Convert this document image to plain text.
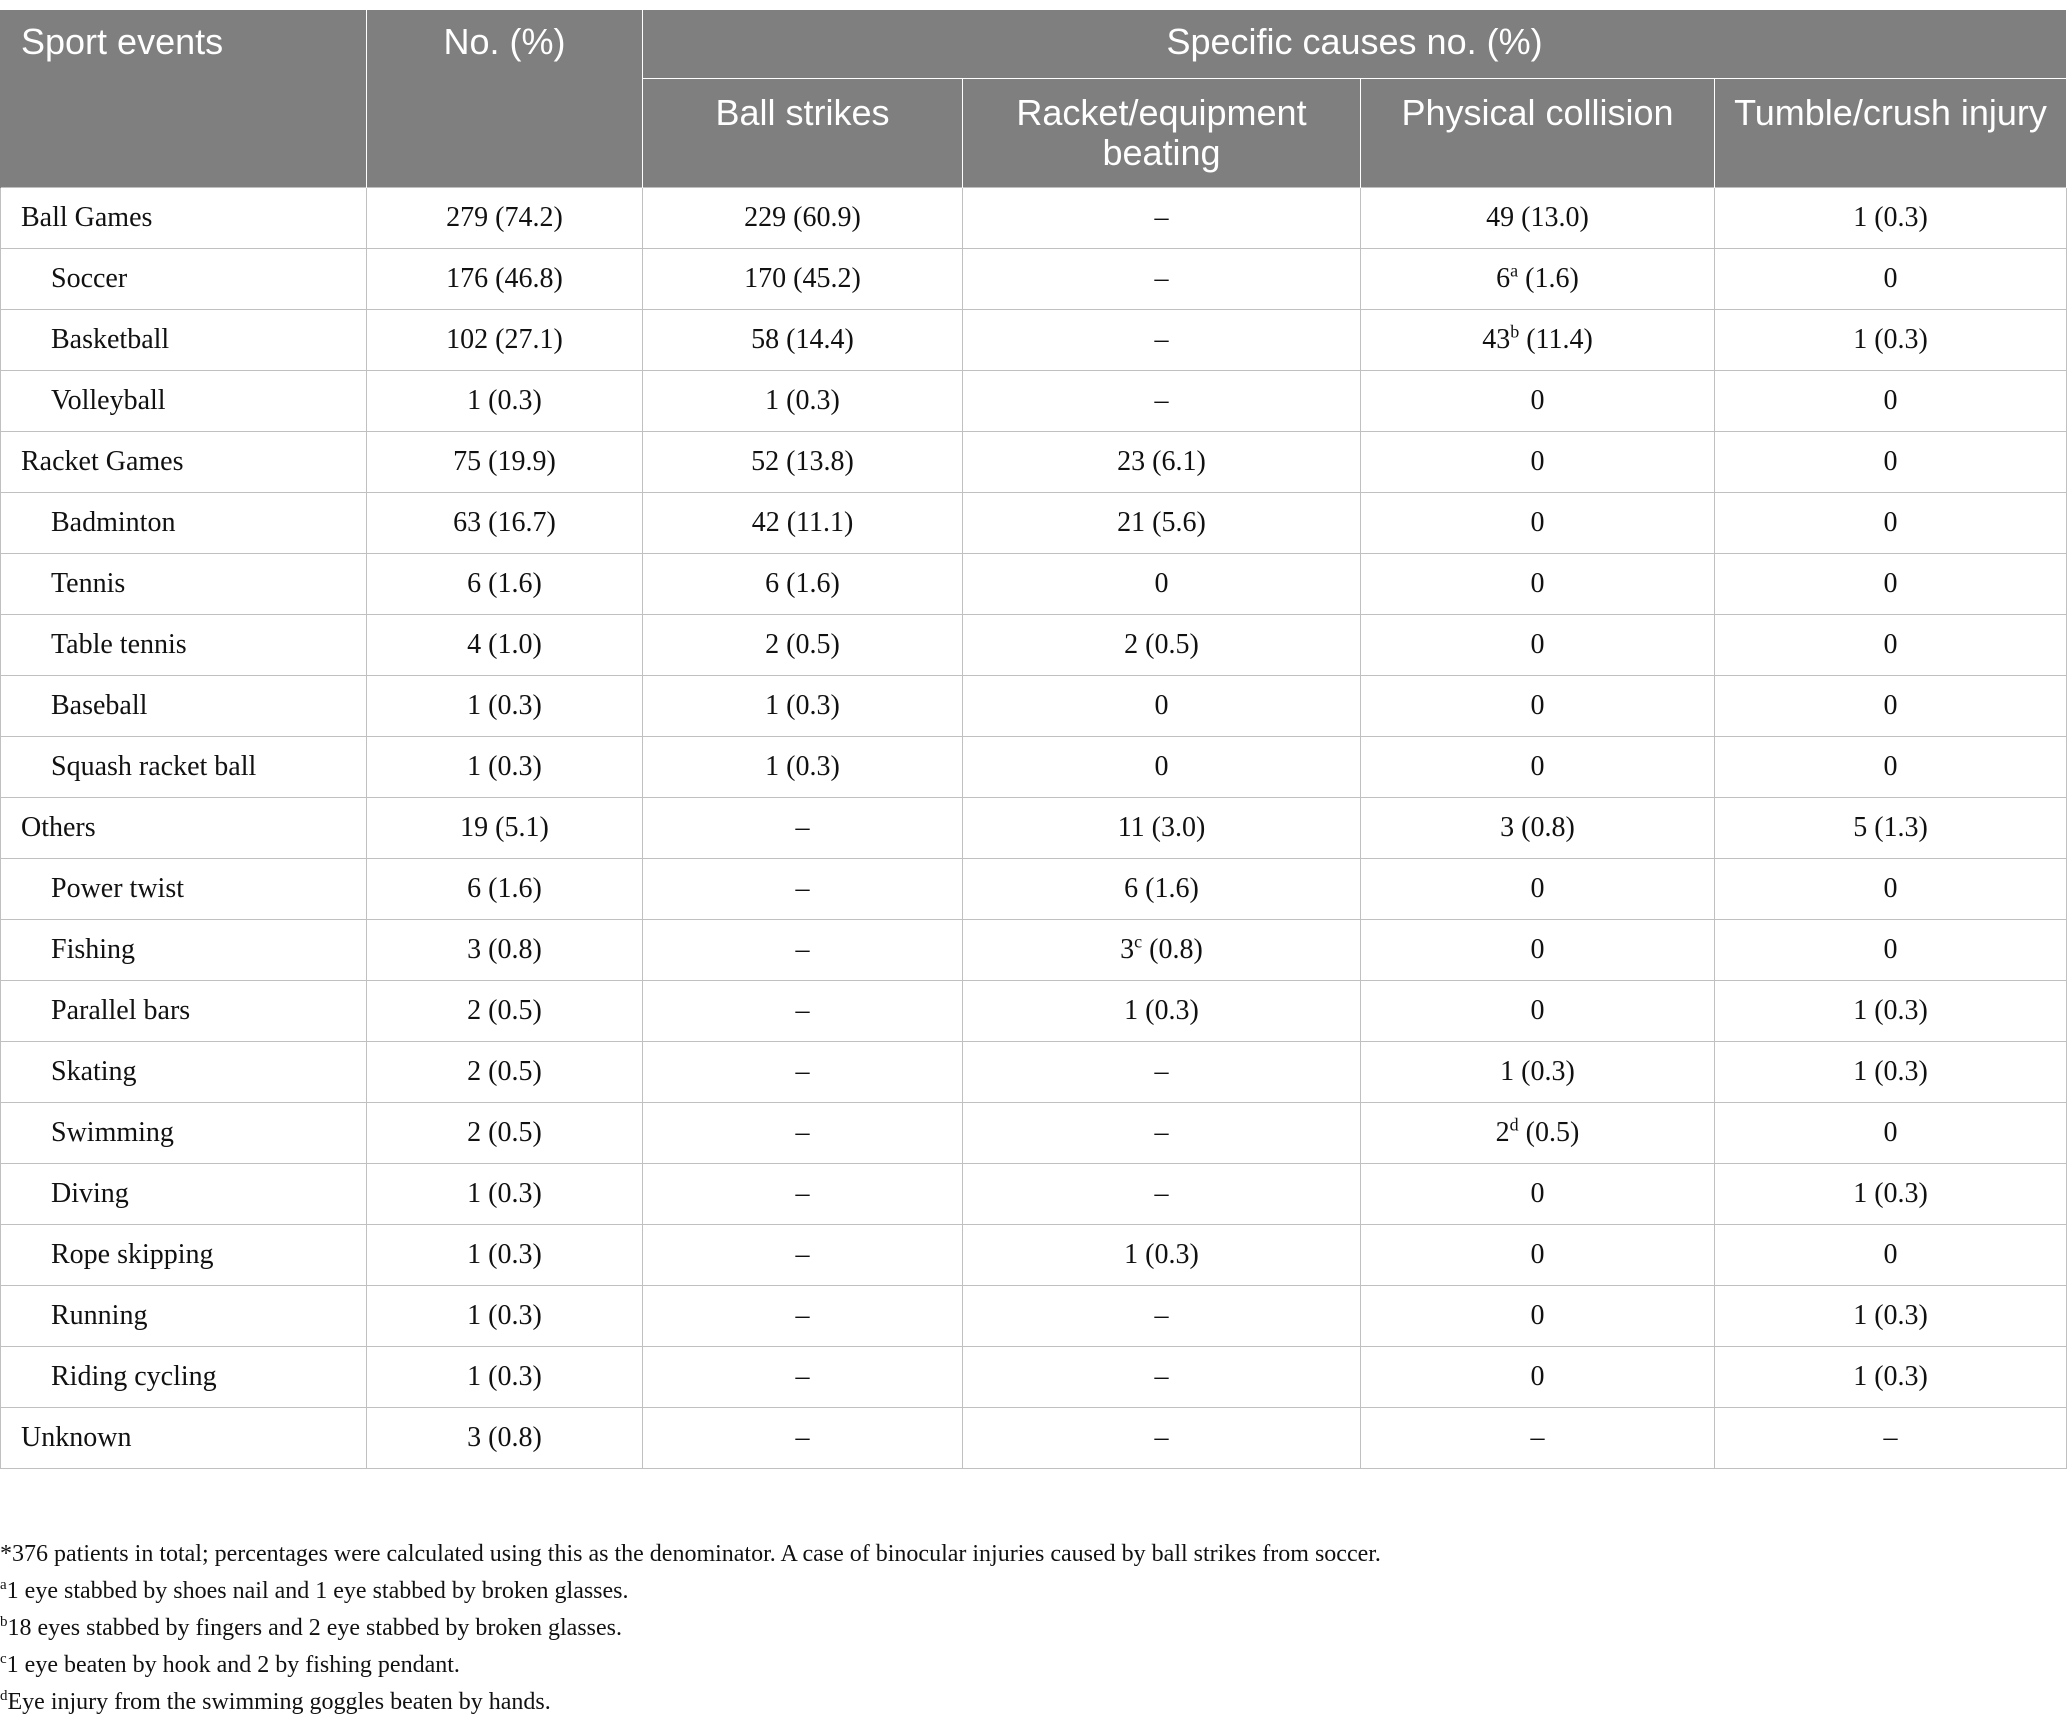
Sport events	No. (%)	Specific causes no. (%)			
		Ball strikes	Racket/equipment beating	Physical collision	Tumble/crush injury
Ball Games	279 (74.2)	229 (60.9)	–	49 (13.0)	1 (0.3)
Soccer	176 (46.8)	170 (45.2)	–	6$^a$ (1.6)	0
Basketball	102 (27.1)	58 (14.4)	–	43$^b$ (11.4)	1 (0.3)
Volleyball	1 (0.3)	1 (0.3)	–	0	0
Racket Games	75 (19.9)	52 (13.8)	23 (6.1)	0	0
Badminton	63 (16.7)	42 (11.1)	21 (5.6)	0	0
Tennis	6 (1.6)	6 (1.6)	0	0	0
Table tennis	4 (1.0)	2 (0.5)	2 (0.5)	0	0
Baseball	1 (0.3)	1 (0.3)	0	0	0
Squash racket ball	1 (0.3)	1 (0.3)	0	0	0
Others	19 (5.1)	–	11 (3.0)	3 (0.8)	5 (1.3)
Power twist	6 (1.6)	–	6 (1.6)	0	0
Fishing	3 (0.8)	–	3$^c$ (0.8)	0	0
Parallel bars	2 (0.5)	–	1 (0.3)	0	1 (0.3)
Skating	2 (0.5)	–	–	1 (0.3)	1 (0.3)
Swimming	2 (0.5)	–	–	2$^d$ (0.5)	0
Diving	1 (0.3)	–	–	0	1 (0.3)
Rope skipping	1 (0.3)	–	1 (0.3)	0	0
Running	1 (0.3)	–	–	0	1 (0.3)
Riding cycling	1 (0.3)	–	–	0	1 (0.3)
Unknown	3 (0.8)	–	–	–	–
*376 patients in total; percentages were calculated using this as the denominator. A case of binocular injuries caused by ball strikes from soccer.
$^a$1 eye stabbed by shoes nail and 1 eye stabbed by broken glasses.
$^b$18 eyes stabbed by fingers and 2 eye stabbed by broken glasses.
$^c$1 eye beaten by hook and 2 by fishing pendant.
$^d$Eye injury from the swimming goggles beaten by hands.
